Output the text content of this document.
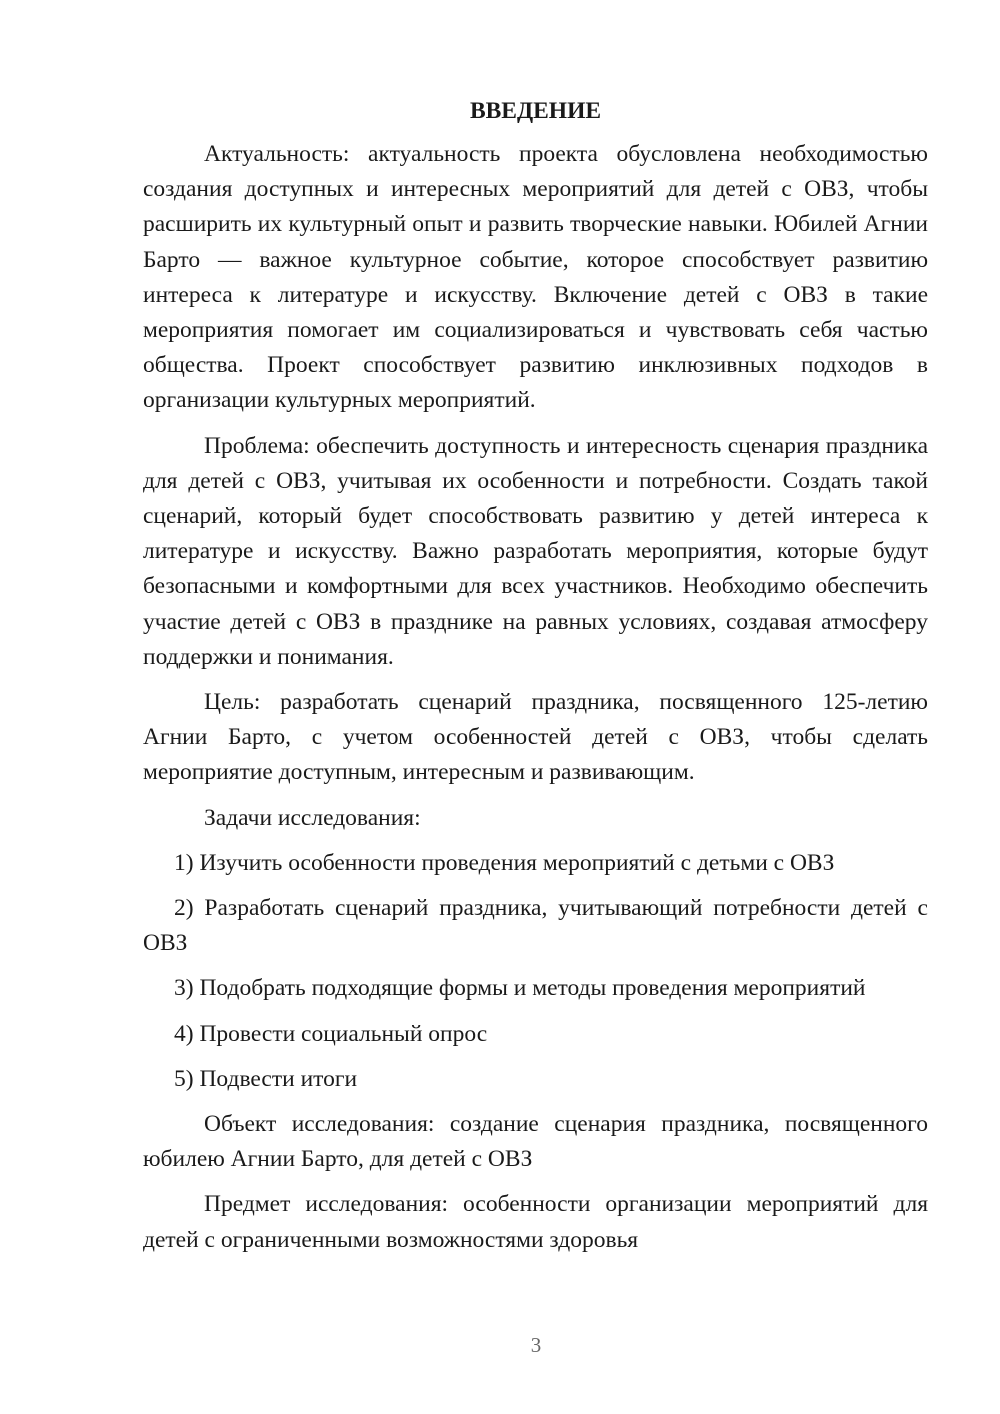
ВВЕДЕНИЕ

Актуальность: актуальность проекта обусловлена необходимостью создания доступных и интересных мероприятий для детей с ОВЗ, чтобы расширить их культурный опыт и развить творческие навыки. Юбилей Агнии Барто — важное культурное событие, которое способствует развитию интереса к литературе и искусству. Включение детей с ОВЗ в такие мероприятия помогает им социализироваться и чувствовать себя частью общества. Проект способствует развитию инклюзивных подходов в организации культурных мероприятий.

Проблема: обеспечить доступность и интересность сценария праздника для детей с ОВЗ, учитывая их особенности и потребности. Создать такой сценарий, который будет способствовать развитию у детей интереса к литературе и искусству. Важно разработать мероприятия, которые будут безопасными и комфортными для всех участников. Необходимо обеспечить участие детей с ОВЗ в празднике на равных условиях, создавая атмосферу поддержки и понимания.

Цель: разработать сценарий праздника, посвященного 125-летию Агнии Барто, с учетом особенностей детей с ОВЗ, чтобы сделать мероприятие доступным, интересным и развивающим.

Задачи исследования:

1) Изучить особенности проведения мероприятий с детьми с ОВЗ

2) Разработать сценарий праздника, учитывающий потребности детей с ОВЗ

3) Подобрать подходящие формы и методы проведения мероприятий

4) Провести социальный опрос

5) Подвести итоги

Объект исследования: создание сценария праздника, посвященного юбилею Агнии Барто, для детей с ОВЗ

Предмет исследования: особенности организации мероприятий для детей с ограниченными возможностями здоровья

3
